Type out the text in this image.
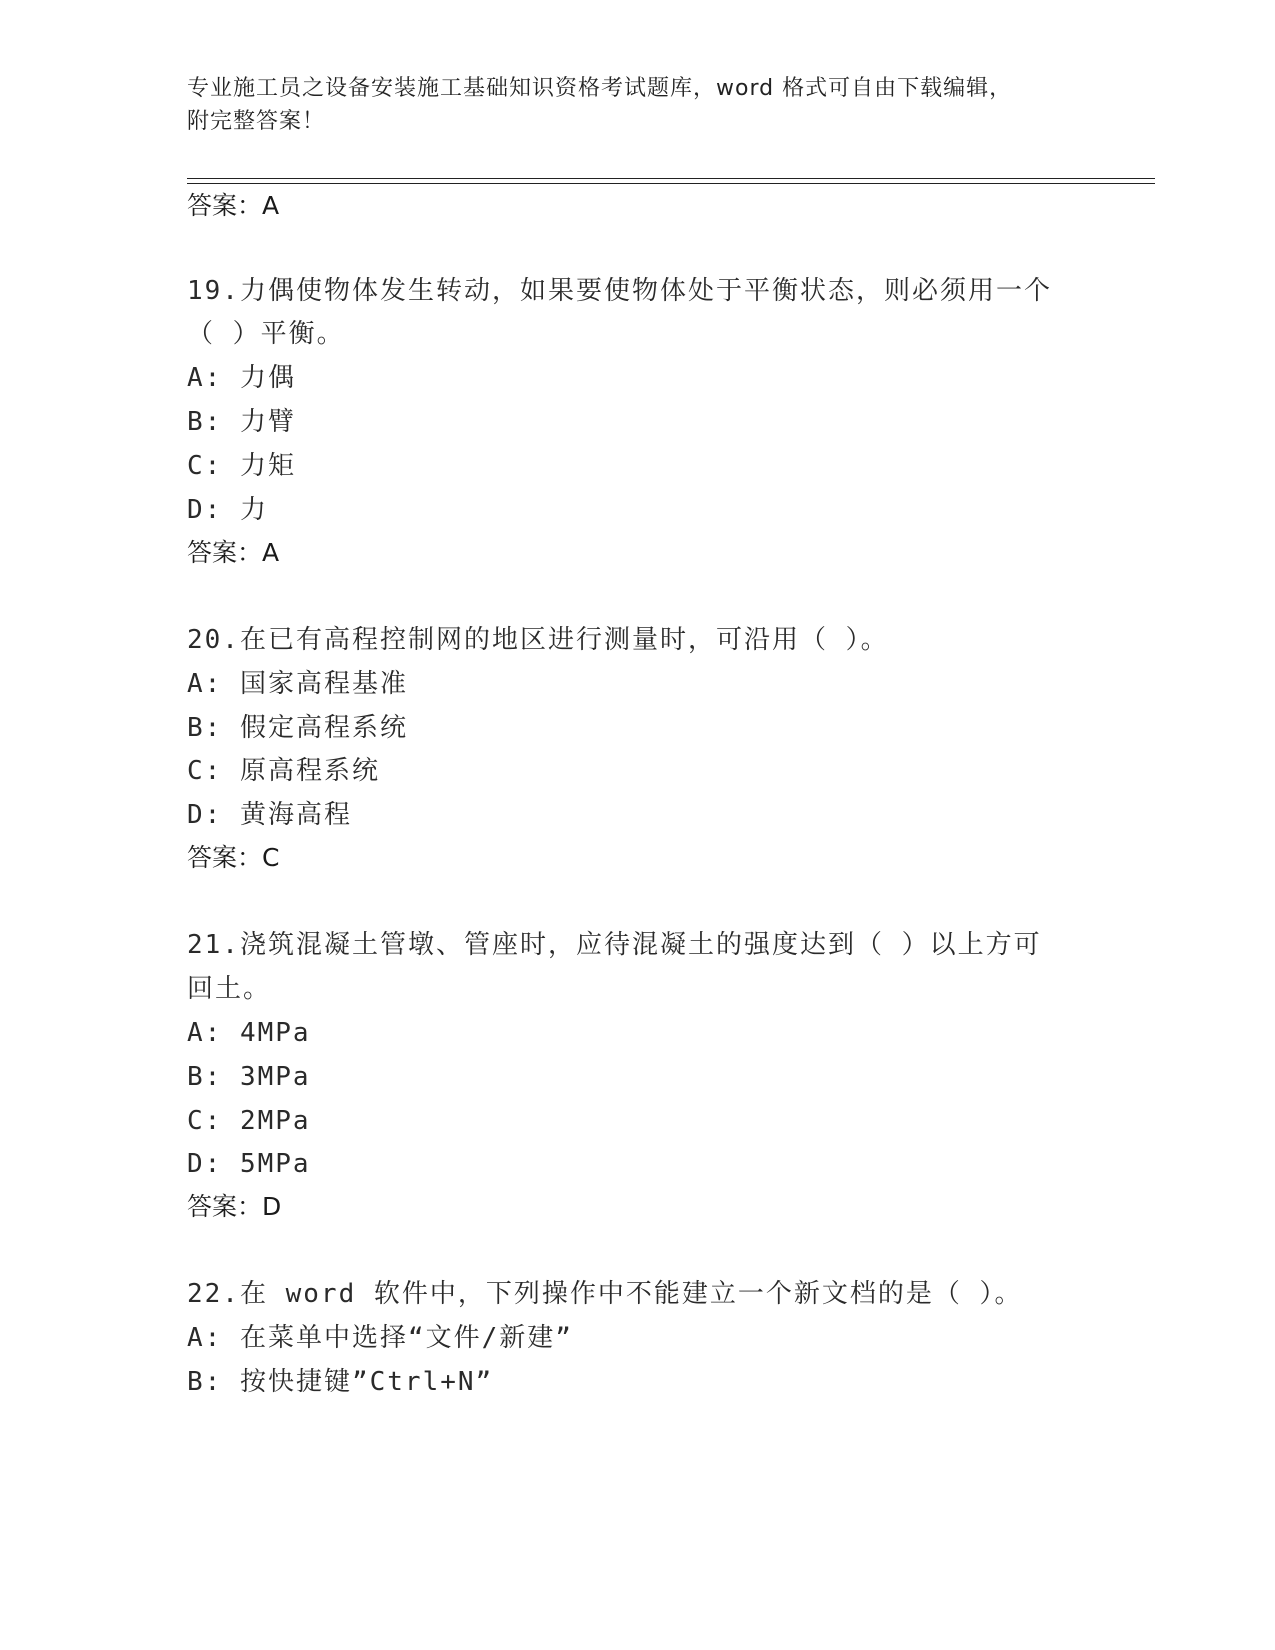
专业施工员之设备安装施工基础知识资格考试题库，word 格式可自由下载编辑，
附完整答案！
答案：A
19.力偶使物体发生转动，如果要使物体处于平衡状态，则必须用一个
（ ）平衡。
A: 力偶
B: 力臂
C: 力矩
D: 力
答案：A
20.在已有高程控制网的地区进行测量时，可沿用（ ）。
A: 国家高程基准
B: 假定高程系统
C: 原高程系统
D: 黄海高程
答案：C
21.浇筑混凝土管墩、管座时，应待混凝土的强度达到（ ）以上方可
回土。
A: 4MPa
B: 3MPa
C: 2MPa
D: 5MPa
答案：D
22.在 word 软件中，下列操作中不能建立一个新文档的是（ ）。
A: 在菜单中选择“文件/新建”
B: 按快捷键”Ctrl+N”
